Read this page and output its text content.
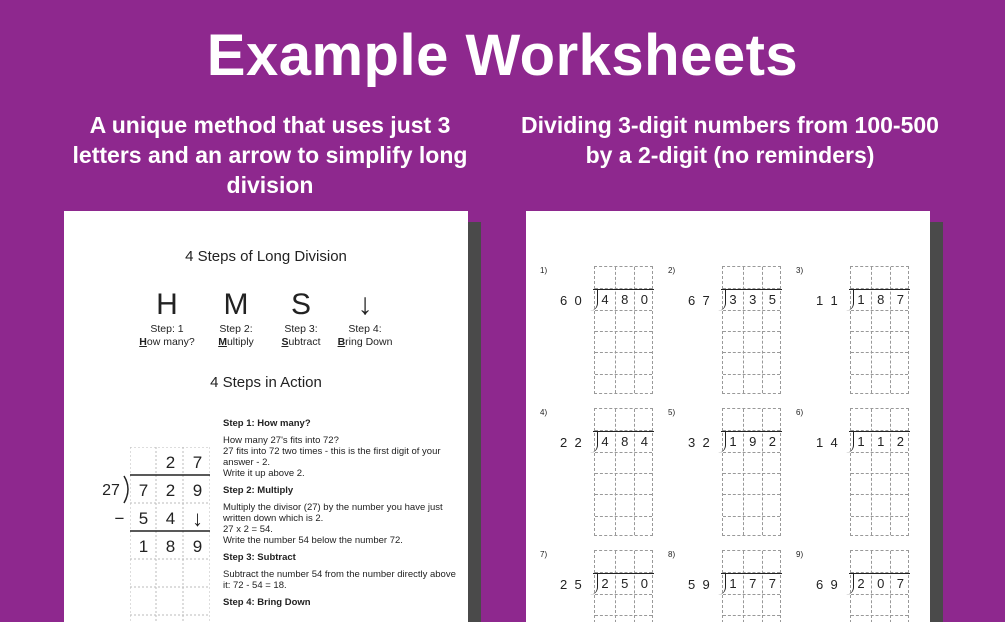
Example Worksheets
A unique method that uses just 3 letters and an arrow to simplify long division
Dividing 3-digit numbers from 100-500 by a 2-digit (no reminders)
4 Steps of Long Division
H
Step: 1
How many?
M
Step 2:
Multiply
S
Step 3:
Subtract
↓
Step 4:
Bring Down
4 Steps in Action
2	7
27	7	2	9
− 5	4 ↓
1	8	9
Step 1: How many?

How many 27's fits into 72?

27 fits into 72 two times - this is the first digit of your answer - 2.

Write it up above 2.

Step 2: Multiply

Multiply the divisor (27) by the number you have just written down which is 2.

27 x 2 = 54.

Write the number 54 below the number 72.

Step 3: Subtract

Subtract the number 54 from the number directly above it: 72 - 54 = 18.

Step 4: Bring Down
1)
6  0	4 8 0
2)
6  7	3 3 5
3)
1  1	1 8 7
4)
2  2	4 8 4
5)
3  2	1 9 2
6)
1  4	1 1 2
7)
2  5	2 5 0
8)
5  9	1 7 7
9)
6  9	2 0 7
